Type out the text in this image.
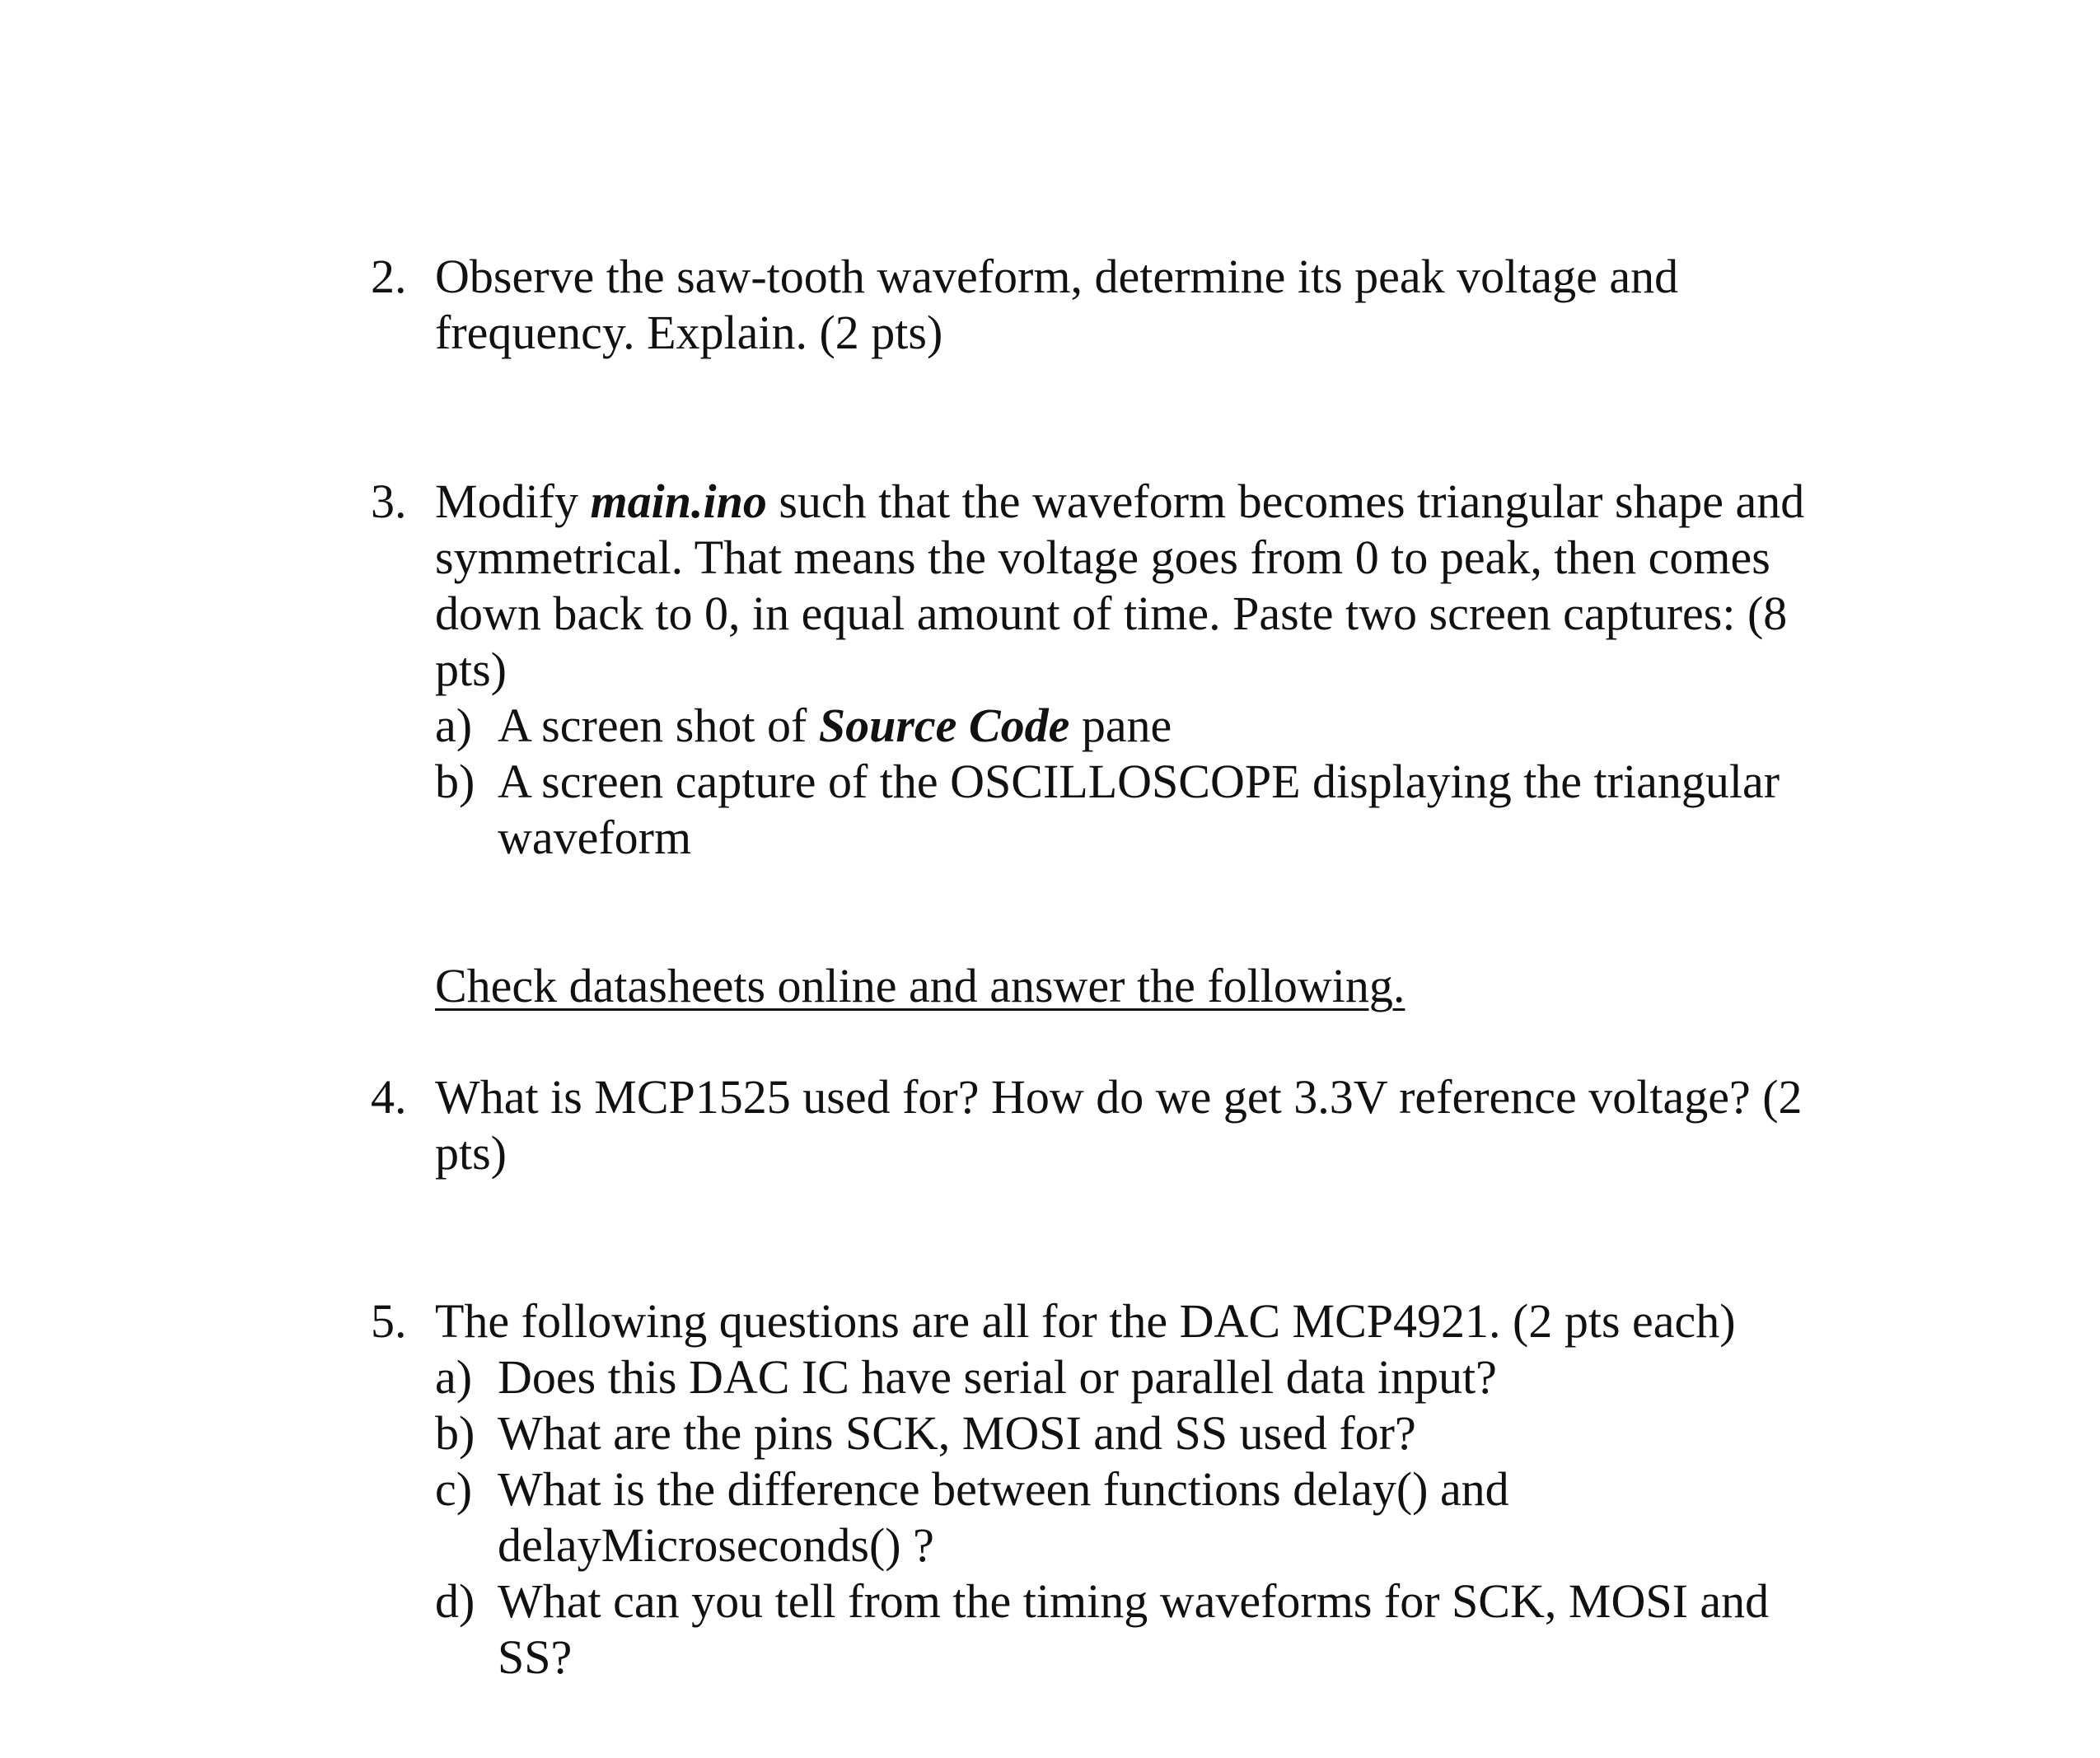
2. Observe the saw-tooth waveform, determine its peak voltage and
frequency. Explain. (2 pts)
3. Modify main.ino such that the waveform becomes triangular shape and
symmetrical. That means the voltage goes from 0 to peak, then comes
down back to 0, in equal amount of time. Paste two screen captures: (8
pts)
a) A screen shot of Source Code pane
b) A screen capture of the OSCILLOSCOPE displaying the triangular
waveform
Check datasheets online and answer the following.
4. What is MCP1525 used for? How do we get 3.3V reference voltage? (2
pts)
5. The following questions are all for the DAC MCP4921. (2 pts each)
a) Does this DAC IC have serial or parallel data input?
b) What are the pins SCK, MOSI and SS used for?
c) What is the difference between functions delay() and
delayMicroseconds() ?
d) What can you tell from the timing waveforms for SCK, MOSI and
SS?
